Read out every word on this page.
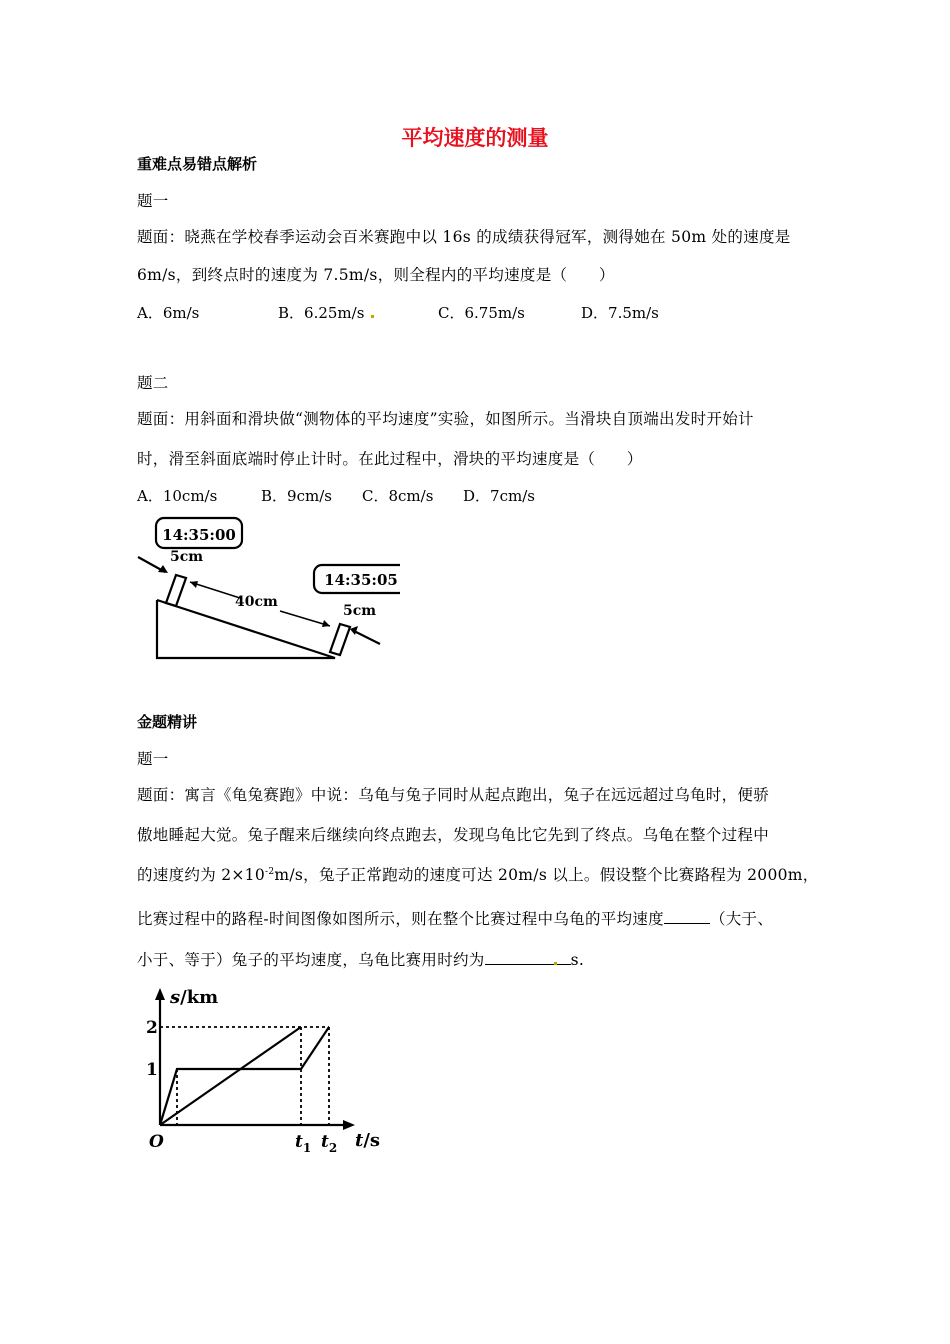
平均速度的测量
重难点易错点解析
题一
题面：晓燕在学校春季运动会百米赛跑中以 16s 的成绩获得冠军，测得她在 50m 处的速度是
6m/s，到终点时的速度为 7.5m/s，则全程内的平均速度是（　　）
A．6m/s	B．6.25m/s	C．6.75m/s	D．7.5m/s
题二
题面：用斜面和滑块做“测物体的平均速度”实验，如图所示。当滑块自顶端出发时开始计
时，滑至斜面底端时停止计时。在此过程中，滑块的平均速度是（　　）
A．10cm/s	B．9cm/s C．8cm/s D．7cm/s
14:35:00
14:35:05
5cm
5cm
40cm
金题精讲
题一
题面：寓言《龟兔赛跑》中说：乌龟与兔子同时从起点跑出，兔子在远远超过乌龟时，便骄
傲地睡起大觉。兔子醒来后继续向终点跑去，发现乌龟比它先到了终点。乌龟在整个过程中
的速度约为 $2\times 10^{-2}m/s$，兔子正常跑动的速度可达 20m/s 以上。假设整个比赛路程为 2000m，
比赛过程中的路程-时间图像如图所示，则在整个比赛过程中乌龟的平均速度	（大于、
小于、等于）兔子的平均速度，乌龟比赛用时约为	s.
s/km
2
1
O	$t_1$ $t_2$ t/s
